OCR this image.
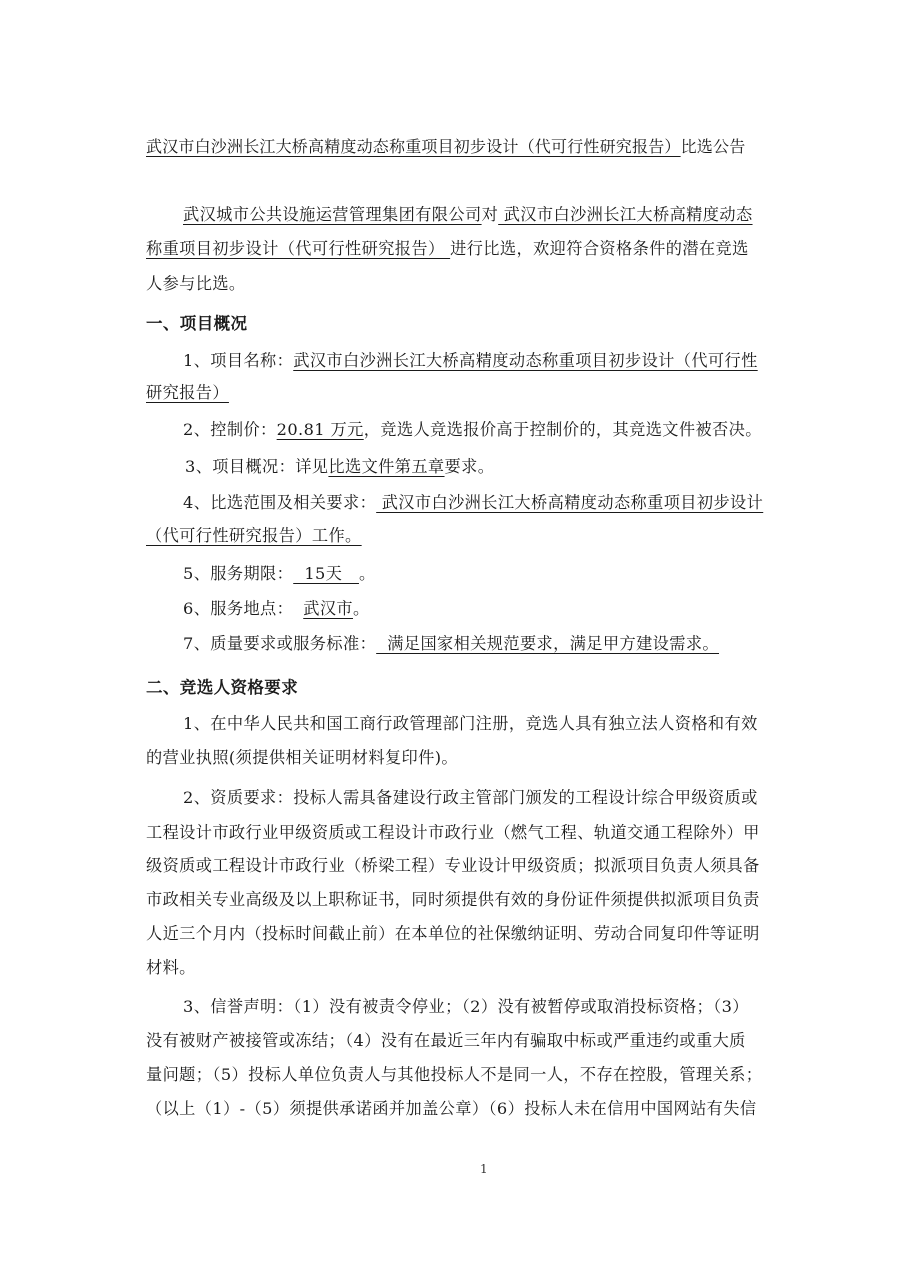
武汉市白沙洲长江大桥高精度动态称重项目初步设计（代可行性研究报告）比选公告
武汉城市公共设施运营管理集团有限公司对 武汉市白沙洲长江大桥高精度动态
称重项目初步设计（代可行性研究报告） 进行比选，欢迎符合资格条件的潜在竞选
人参与比选。
一、项目概况
1、项目名称：武汉市白沙洲长江大桥高精度动态称重项目初步设计（代可行性
研究报告）
2、控制价：20.81 万元，竞选人竞选报价高于控制价的，其竞选文件被否决。
3、项目概况：详见比选文件第五章要求。
4、比选范围及相关要求： 武汉市白沙洲长江大桥高精度动态称重项目初步设计
（代可行性研究报告）工作。
5、服务期限：  15天   。
6、服务地点： 武汉市。
7、质量要求或服务标准：  满足国家相关规范要求，满足甲方建设需求。
二、竞选人资格要求
1、在中华人民共和国工商行政管理部门注册，竞选人具有独立法人资格和有效
的营业执照(须提供相关证明材料复印件)。
2、资质要求：投标人需具备建设行政主管部门颁发的工程设计综合甲级资质或
工程设计市政行业甲级资质或工程设计市政行业（燃气工程、轨道交通工程除外）甲
级资质或工程设计市政行业（桥梁工程）专业设计甲级资质；拟派项目负责人须具备
市政相关专业高级及以上职称证书，同时须提供有效的身份证件须提供拟派项目负责
人近三个月内（投标时间截止前）在本单位的社保缴纳证明、劳动合同复印件等证明
材料。
3、信誉声明：（1）没有被责令停业；（2）没有被暂停或取消投标资格；（3）
没有被财产被接管或冻结；（4）没有在最近三年内有骗取中标或严重违约或重大质
量问题；（5）投标人单位负责人与其他投标人不是同一人，不存在控股，管理关系；
（以上（1）-（5）须提供承诺函并加盖公章）（6）投标人未在信用中国网站有失信
1
